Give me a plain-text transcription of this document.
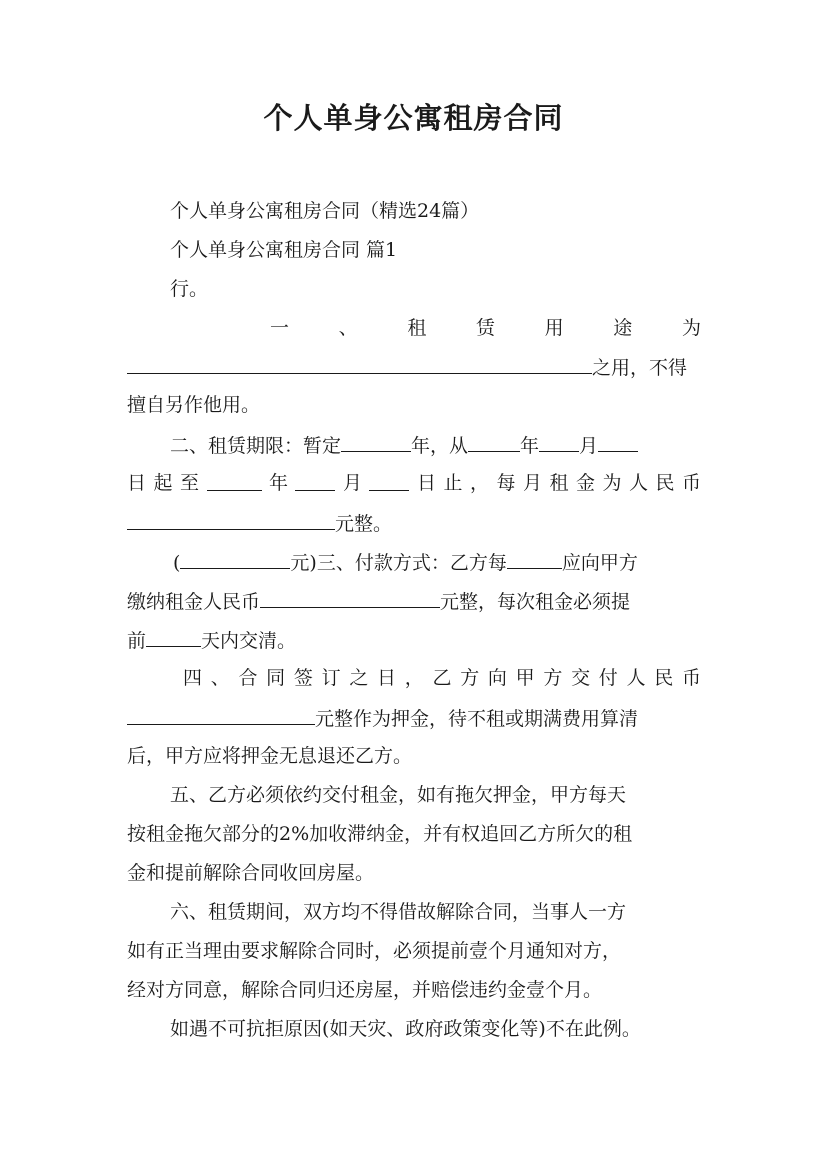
个人单身公寓租房合同
个人单身公寓租房合同（精选24篇）
个人单身公寓租房合同 篇1
行。
一	、	租	赁	用	途	为
之用，不得
擅自另作他用。
二、租赁期限：暂定	年，从	年 月
日 起 至	年	月	日 止 ， 每 月 租 金 为 人 民 币
元整。
(	元)三、付款方式：乙方每	应向甲方
缴纳租金人民币	元整，每次租金必须提
前	天内交清。
四 、 合 同 签 订 之 日 ， 乙 方 向 甲 方 交 付 人 民 币
元整作为押金，待不租或期满费用算清
后，甲方应将押金无息退还乙方。
五、乙方必须依约交付租金，如有拖欠押金，甲方每天
按租金拖欠部分的2%加收滞纳金，并有权追回乙方所欠的租
金和提前解除合同收回房屋。
六、租赁期间，双方均不得借故解除合同，当事人一方
如有正当理由要求解除合同时，必须提前壹个月通知对方，
经对方同意，解除合同归还房屋，并赔偿违约金壹个月。
如遇不可抗拒原因(如天灾、政府政策变化等)不在此例。
